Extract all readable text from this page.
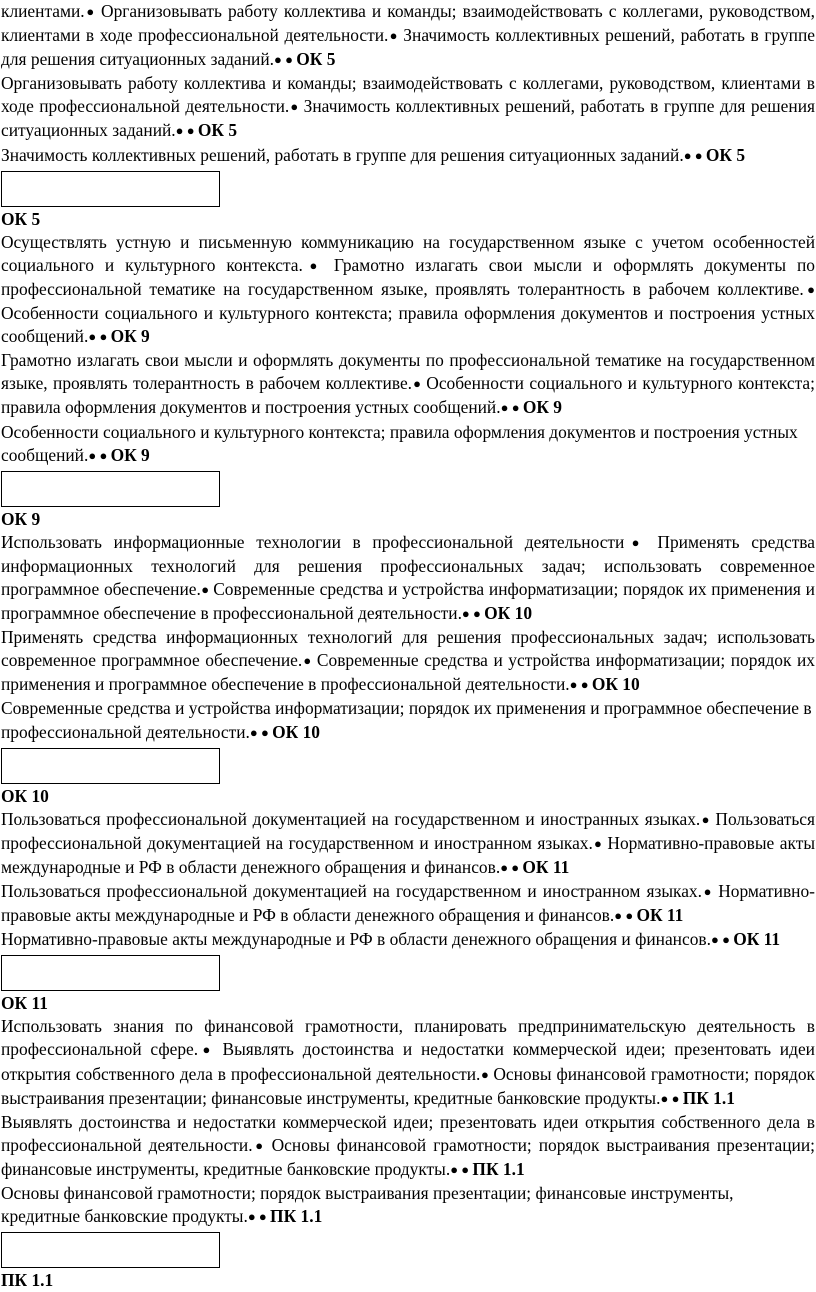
клиентами.● Организовывать работу коллектива и команды; взаимодействовать с коллегами, руководством, клиентами в ходе профессиональной деятельности.● Значимость коллективных решений, работать в группе для решения ситуационных заданий.● ● ОК 5

Организовывать работу коллектива и команды; взаимодействовать с коллегами, руководством, клиентами в ходе профессиональной деятельности.● Значимость коллективных решений, работать в группе для решения ситуационных заданий.● ● ОК 5

Значимость коллективных решений, работать в группе для решения ситуационных заданий.● ● ОК 5

ОК 5

Осуществлять устную и письменную коммуникацию на государственном языке с учетом особенностей социального и культурного контекста.● Грамотно излагать свои мысли и оформлять документы по профессиональной тематике на государственном языке, проявлять толерантность в рабочем коллективе.● Особенности социального и культурного контекста; правила оформления документов и построения устных сообщений.● ● ОК 9

Грамотно излагать свои мысли и оформлять документы по профессиональной тематике на государственном языке, проявлять толерантность в рабочем коллективе.● Особенности социального и культурного контекста; правила оформления документов и построения устных сообщений.● ● ОК 9

Особенности социального и культурного контекста; правила оформления документов и построения устных сообщений.● ● ОК 9

ОК 9

Использовать информационные технологии в профессиональной деятельности● Применять средства информационных технологий для решения профессиональных задач; использовать современное программное обеспечение.● Современные средства и устройства информатизации; порядок их применения и программное обеспечение в профессиональной деятельности.● ● ОК 10

Применять средства информационных технологий для решения профессиональных задач; использовать современное программное обеспечение.● Современные средства и устройства информатизации; порядок их применения и программное обеспечение в профессиональной деятельности.● ● ОК 10

Современные средства и устройства информатизации; порядок их применения и программное обеспечение в профессиональной деятельности.● ● ОК 10

ОК 10

Пользоваться профессиональной документацией на государственном и иностранных языках.● Пользоваться профессиональной документацией на государственном и иностранном языках.● Нормативно-правовые акты международные и РФ в области денежного обращения и финансов.● ● ОК 11

Пользоваться профессиональной документацией на государственном и иностранном языках.● Нормативно-правовые акты международные и РФ в области денежного обращения и финансов.● ● ОК 11

Нормативно-правовые акты международные и РФ в области денежного обращения и финансов.● ● ОК 11

ОК 11

Использовать знания по финансовой грамотности, планировать предпринимательскую деятельность в профессиональной сфере.● Выявлять достоинства и недостатки коммерческой идеи; презентовать идеи открытия собственного дела в профессиональной деятельности.● Основы финансовой грамотности; порядок выстраивания презентации; финансовые инструменты, кредитные банковские продукты.● ● ПК 1.1

Выявлять достоинства и недостатки коммерческой идеи; презентовать идеи открытия собственного дела в профессиональной деятельности.● Основы финансовой грамотности; порядок выстраивания презентации; финансовые инструменты, кредитные банковские продукты.● ● ПК 1.1

Основы финансовой грамотности; порядок выстраивания презентации; финансовые инструменты, кредитные банковские продукты.● ● ПК 1.1

ПК 1.1
